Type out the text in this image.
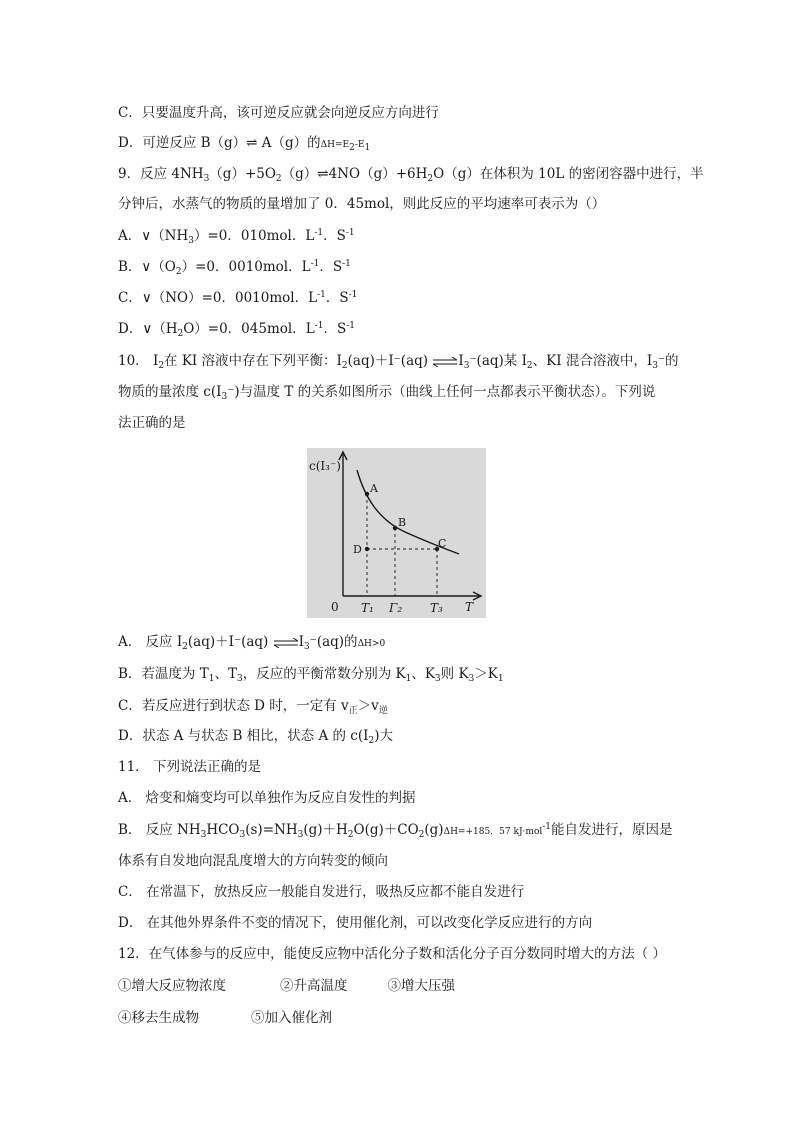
C．只要温度升高，该可逆反应就会向逆反应方向进行
D．可逆反应 B（g）⇌ A（g）的$\Delta H=E_2-E_1$
9．反应 $4NH_3(g)+5O_2(g)\rightleftharpoons 4NO(g)+6H_2O(g)$在体积为 10L 的密闭容器中进行，半
分钟后，水蒸气的物质的量增加了 0．45mol，则此反应的平均速率可表示为（）
A．$\vee(NH_3)=0$．010mol．$L^{-1}$．$S^{-1}$
B．$\vee(O_2)=0$．0010mol．$L^{-1}$．$S^{-1}$
C．∨（NO）=0．0010mol．$L^{-1}$．$S^{-1}$
D．$\vee(H_2O)=0$．045mol．$L^{-1}$．$S^{-1}$
10． $I_2$在 KI 溶液中存在下列平衡：$I_2(aq)+I^-(aq)$ $\rightleftharpoons I_3^-(aq)$某 $I_2$、KI 混合溶液中，$I_3^-$的
物质的量浓度 $c(I_3^-)$与温度 T 的关系如图所示（曲线上任何一点都表示平衡状态）。下列说
法正确的是
c(I₃⁻)
A
B
C
D
0 T₁ Γ₂ T₃ T
A． 反应 $I_2(aq)+I^-(aq)$ $\rightleftharpoons I_3^-(aq)$的ΔH>0
B．若温度为 $T_1$、$T_3$，反应的平衡常数分别为 $K_1$、$K_3$则 $K_3>K_1$
C．若反应进行到状态 D 时，一定有 $v_正>v_逆$
D．状态 A 与状态 B 相比，状态 A 的 $c(I_2)$大
11． 下列说法正确的是
A． 焓变和熵变均可以单独作为反应自发性的判据
B． 反应 $NH_3HCO_3(s)=NH_3(g)+H_2O(g)+CO_2(g)\Delta H=+185$．57 kJ·mol$^{-1}$能自发进行，原因是
体系有自发地向混乱度增大的方向转变的倾向
C． 在常温下，放热反应一般能自发进行，吸热反应都不能自发进行
D． 在其他外界条件不变的情况下，使用催化剂，可以改变化学反应进行的方向
12．在气体参与的反应中，能使反应物中活化分子数和活化分子百分数同时增大的方法（ ）
①增大反应物浓度	②升高温度	③增大压强
④移去生成物	⑤加入催化剂
